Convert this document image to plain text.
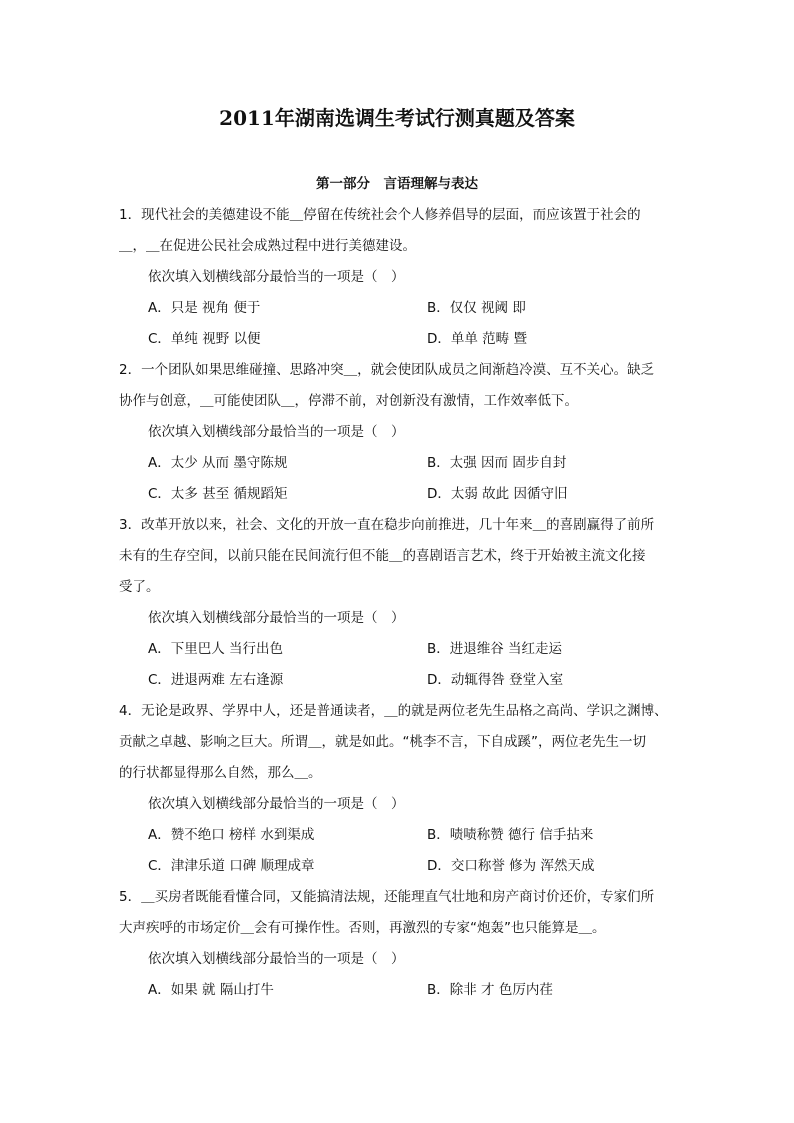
2011年湖南选调生考试行测真题及答案
第一部分　言语理解与表达
1．现代社会的美德建设不能＿停留在传统社会个人修养倡导的层面，而应该置于社会的
＿，＿在促进公民社会成熟过程中进行美德建设。
依次填入划横线部分最恰当的一项是（　）
A．只是 视角 便于	B．仅仅 视阈 即
C．单纯 视野 以便	D．单单 范畴 暨
2．一个团队如果思维碰撞、思路冲突＿，就会使团队成员之间渐趋冷漠、互不关心。缺乏
协作与创意，＿可能使团队＿，停滞不前，对创新没有激情，工作效率低下。
依次填入划横线部分最恰当的一项是（　）
A．太少 从而 墨守陈规	B．太强 因而 固步自封
C．太多 甚至 循规蹈矩	D．太弱 故此 因循守旧
3．改革开放以来，社会、文化的开放一直在稳步向前推进，几十年来＿的喜剧赢得了前所
未有的生存空间，以前只能在民间流行但不能＿的喜剧语言艺术，终于开始被主流文化接
受了。
依次填入划横线部分最恰当的一项是（　）
A．下里巴人 当行出色	B．进退维谷 当红走运
C．进退两难 左右逢源	D．动辄得咎 登堂入室
4．无论是政界、学界中人，还是普通读者，＿的就是两位老先生品格之高尚、学识之渊博、
贡献之卓越、影响之巨大。所谓＿，就是如此。“桃李不言，下自成蹊”，两位老先生一切
的行状都显得那么自然，那么＿。
依次填入划横线部分最恰当的一项是（　）
A．赞不绝口 榜样 水到渠成	B．啧啧称赞 德行 信手拈来
C．津津乐道 口碑 顺理成章	D．交口称誉 修为 浑然天成
5．＿买房者既能看懂合同，又能搞清法规，还能理直气壮地和房产商讨价还价，专家们所
大声疾呼的市场定价＿会有可操作性。否则，再激烈的专家“炮轰”也只能算是＿。
依次填入划横线部分最恰当的一项是（　）
A．如果 就 隔山打牛	B．除非 才 色厉内荏
